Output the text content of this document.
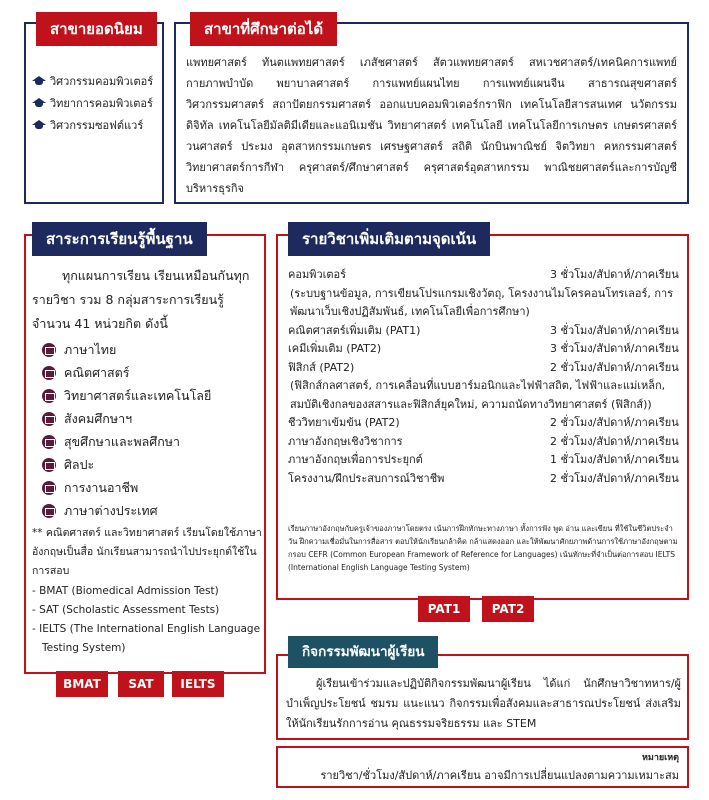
สาขายอดนิยม
วิศวกรรมคอมพิวเตอร์
วิทยาการคอมพิวเตอร์
วิศวกรรมซอฟต์แวร์
สาขาที่ศึกษาต่อได้
แพทยศาสตร์ ทันตแพทยศาสตร์ เภสัชศาสตร์ สัตวแพทยศาสตร์ สหเวชศาสตร์/เทคนิคการแพทย์ กายภาพบำบัด พยาบาลศาสตร์ การแพทย์แผนไทย การแพทย์แผนจีน สาธารณสุขศาสตร์ วิศวกรรมศาสตร์ สถาปัตยกรรมศาสตร์ ออกแบบคอมพิวเตอร์กราฟิก เทคโนโลยีสารสนเทศ นวัตกรรมดิจิทัล เทคโนโลยีมัลติมีเดียและแอนิเมชัน วิทยาศาสตร์ เทคโนโลยี เทคโนโลยีการเกษตร เกษตรศาสตร์ วนศาสตร์ ประมง อุตสาหกรรมเกษตร เศรษฐศาสตร์ สถิติ นักบินพาณิชย์ จิตวิทยา คหกรรมศาสตร์ วิทยาศาสตร์การกีฬา ครุศาสตร์/ศึกษาศาสตร์ ครุศาสตร์อุตสาหกรรม พาณิชยศาสตร์และการบัญชี บริหารธุรกิจ
สาระการเรียนรู้พื้นฐาน
ทุกแผนการเรียน เรียนเหมือนกันทุกรายวิชา รวม 8 กลุ่มสาระการเรียนรู้ จำนวน 41 หน่วยกิต ดังนี้
ภาษาไทย
คณิตศาสตร์
วิทยาศาสตร์และเทคโนโลยี
สังคมศึกษาฯ
สุขศึกษาและพลศึกษา
ศิลปะ
การงานอาชีพ
ภาษาต่างประเทศ
** คณิตศาสตร์ และวิทยาศาสตร์ เรียนโดยใช้ภาษาอังกฤษเป็นสื่อ นักเรียนสามารถนำไปประยุกต์ใช้ในการสอบ
- BMAT (Biomedical Admission Test)
- SAT (Scholastic Assessment Tests)
- IELTS (The International English Language Testing System)
BMAT	SAT	IELTS
รายวิชาเพิ่มเติมตามจุดเน้น
คอมพิวเตอร์	3 ชั่วโมง/สัปดาห์/ภาคเรียน
(ระบบฐานข้อมูล, การเขียนโปรแกรมเชิงวัตถุ, โครงงานไมโครคอนโทรเลอร์, การพัฒนาเว็บเชิงปฏิสัมพันธ์, เทคโนโลยีเพื่อการศึกษา)
คณิตศาสตร์เพิ่มเติม (PAT1)	3 ชั่วโมง/สัปดาห์/ภาคเรียน
เคมีเพิ่มเติม (PAT2)	3 ชั่วโมง/สัปดาห์/ภาคเรียน
ฟิสิกส์ (PAT2)	2 ชั่วโมง/สัปดาห์/ภาคเรียน
(ฟิสิกส์กลศาสตร์, การเคลื่อนที่แบบฮาร์มอนิกและไฟฟ้าสถิต, ไฟฟ้าและแม่เหล็ก, สมบัติเชิงกลของสสารและฟิสิกส์ยุคใหม่, ความถนัดทางวิทยาศาสตร์ (ฟิสิกส์))
ชีววิทยาเข้มข้น (PAT2)	2 ชั่วโมง/สัปดาห์/ภาคเรียน
ภาษาอังกฤษเชิงวิชาการ	2 ชั่วโมง/สัปดาห์/ภาคเรียน
ภาษาอังกฤษเพื่อการประยุกต์	1 ชั่วโมง/สัปดาห์/ภาคเรียน
โครงงาน/ฝึกประสบการณ์วิชาชีพ	2 ชั่วโมง/สัปดาห์/ภาคเรียน
เรียนภาษาอังกฤษกับครูเจ้าของภาษาโดยตรง เน้นการฝึกทักษะทางภาษา ทั้งการฟัง พูด อ่าน และเขียน ที่ใช้ในชีวิตประจำวัน ฝึกความเชื่อมั่นในการสื่อสาร ตอบให้นักเรียนกล้าคิด กล้าแสดงออก และให้พัฒนาศักยภาพด้านการใช้ภาษาอังกฤษตามกรอบ CEFR (Common European Framework of Reference for Languages) เน้นทักษะที่จำเป็นต่อการสอบ IELTS (International English Language Testing System)
PAT1	PAT2
กิจกรรมพัฒนาผู้เรียน
ผู้เรียนเข้าร่วมและปฏิบัติกิจกรรมพัฒนาผู้เรียน ได้แก่ นักศึกษาวิชาทหาร/ผู้บำเพ็ญประโยชน์ ชมรม แนะแนว กิจกรรมเพื่อสังคมและสาธารณประโยชน์ ส่งเสริมให้นักเรียนรักการอ่าน คุณธรรมจริยธรรม และ STEM
หมายเหตุ
รายวิชา/ชั่วโมง/สัปดาห์/ภาคเรียน อาจมีการเปลี่ยนแปลงตามความเหมาะสม
